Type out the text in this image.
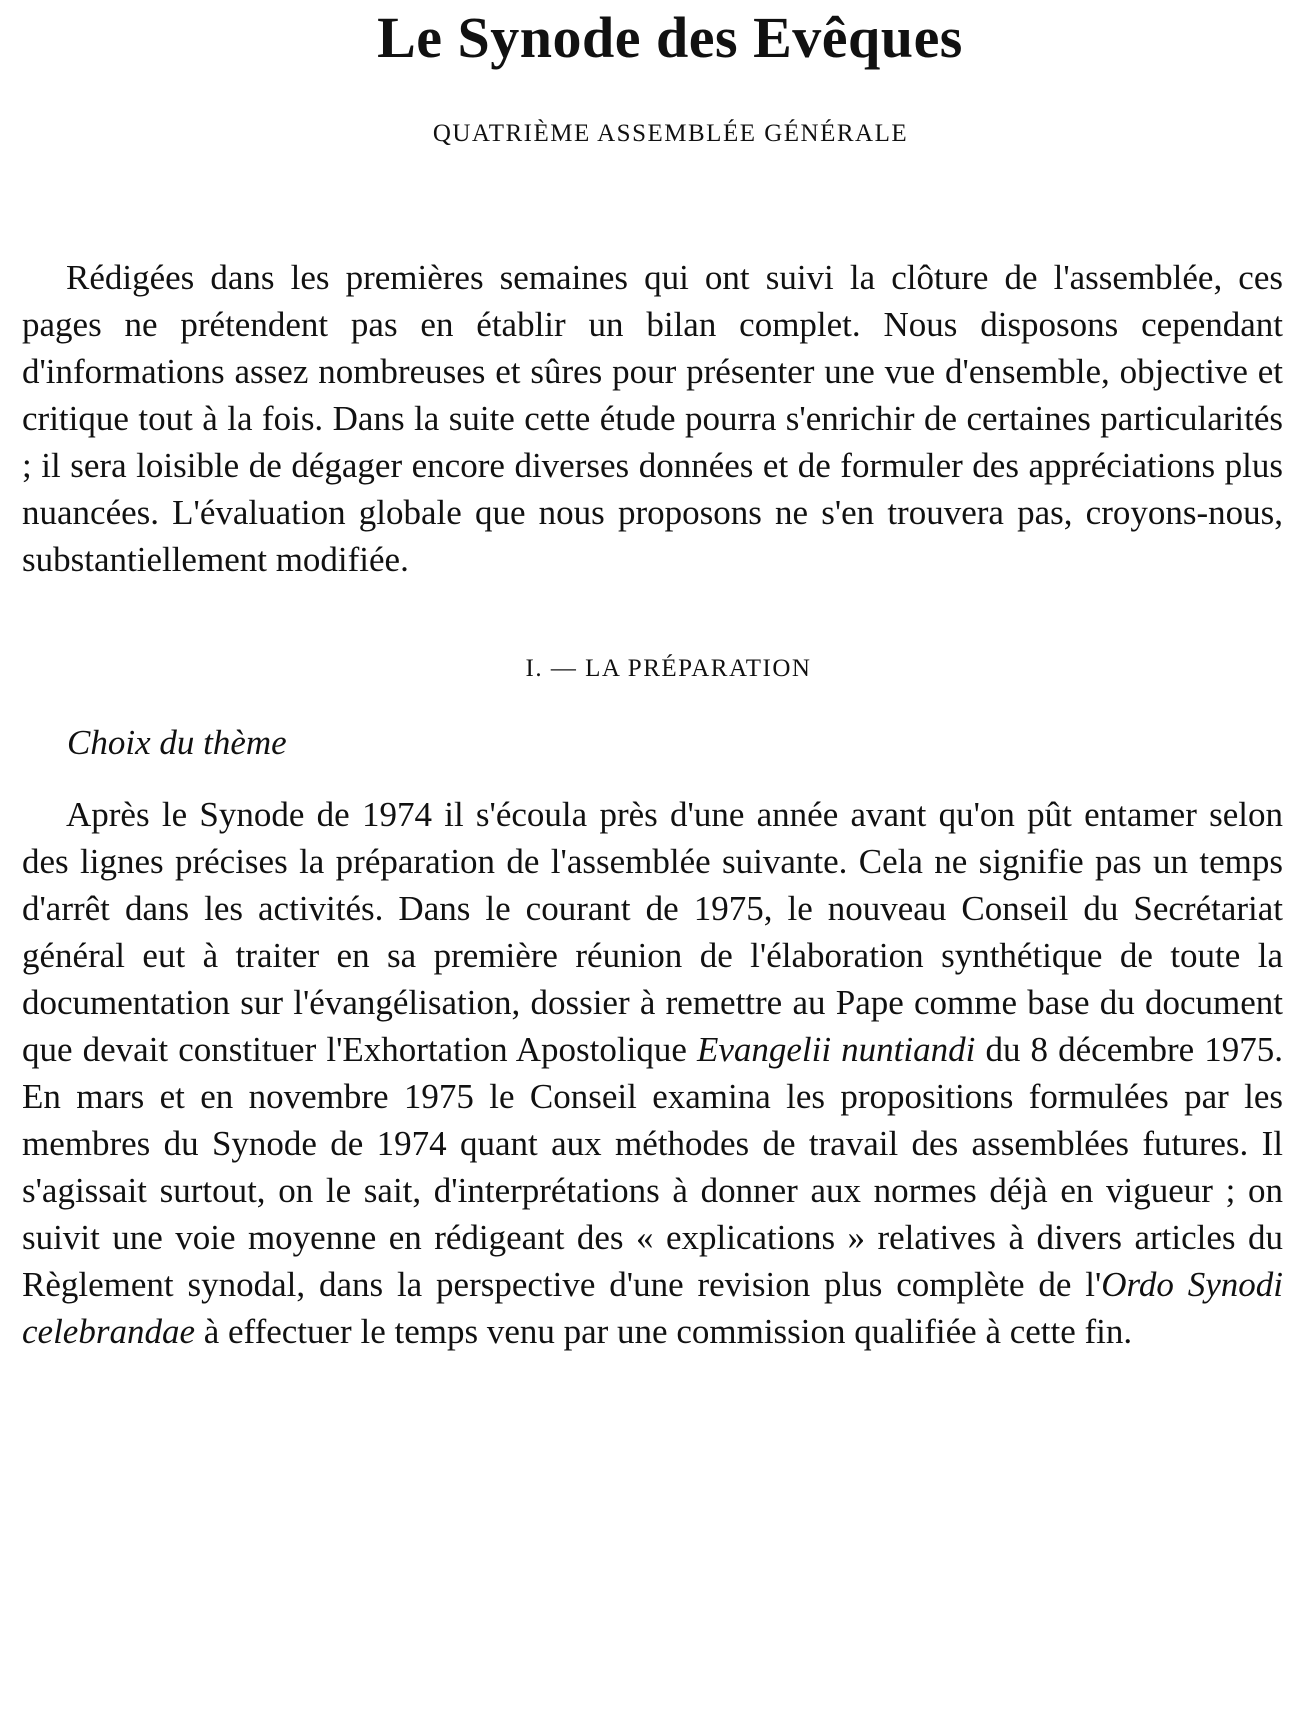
Le Synode des Evêques
QUATRIÈME ASSEMBLÉE GÉNÉRALE

Rédigées dans les premières semaines qui ont suivi la clôture de l'assemblée, ces pages ne prétendent pas en établir un bilan complet. Nous disposons cependant d'informations assez nombreuses et sûres pour présenter une vue d'ensemble, objective et critique tout à la fois. Dans la suite cette étude pourra s'enrichir de certaines particularités ; il sera loisible de dégager encore diverses données et de formuler des appréciations plus nuancées. L'évaluation globale que nous proposons ne s'en trouvera pas, croyons-nous, substantiellement modifiée.

I. — LA PRÉPARATION
Choix du thème

Après le Synode de 1974 il s'écoula près d'une année avant qu'on pût entamer selon des lignes précises la préparation de l'assemblée suivante. Cela ne signifie pas un temps d'arrêt dans les activités. Dans le courant de 1975, le nouveau Conseil du Secrétariat général eut à traiter en sa première réunion de l'élaboration synthétique de toute la documentation sur l'évangélisation, dossier à remettre au Pape comme base du document que devait constituer l'Exhortation Apostolique Evangelii nuntiandi du 8 décembre 1975. En mars et en novembre 1975 le Conseil examina les propositions formulées par les membres du Synode de 1974 quant aux méthodes de travail des assemblées futures. Il s'agissait surtout, on le sait, d'interprétations à donner aux normes déjà en vigueur ; on suivit une voie moyenne en rédigeant des « explications » relatives à divers articles du Règlement synodal, dans la perspective d'une revision plus complète de l'Ordo Synodi celebrandae à effectuer le temps venu par une commission qualifiée à cette fin.
